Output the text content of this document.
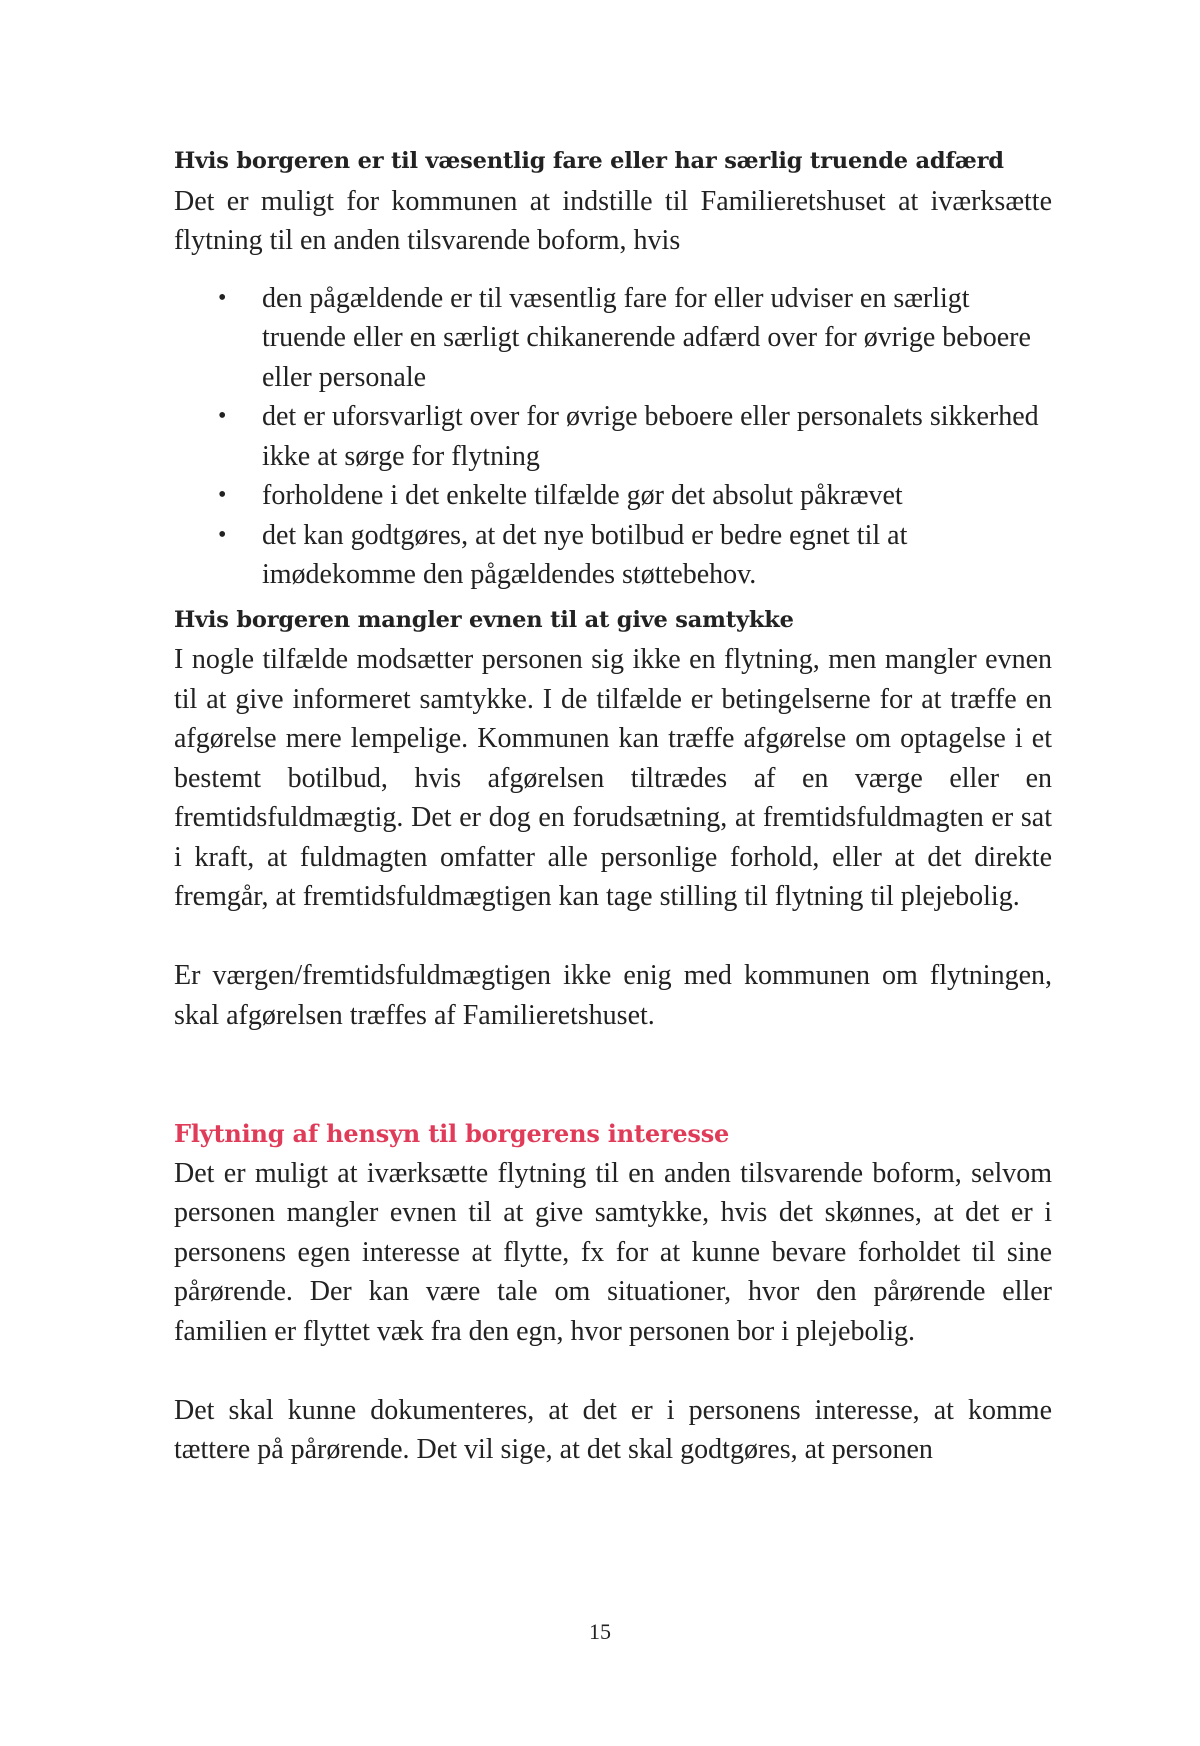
Hvis borgeren er til væsentlig fare eller har særlig truende adfærd

Det er muligt for kommunen at indstille til Familieretshuset at iværksætte flytning til en anden tilsvarende boform, hvis

• den pågældende er til væsentlig fare for eller udviser en særligt truende eller en særligt chikanerende adfærd over for øvrige beboere eller personale
• det er uforsvarligt over for øvrige beboere eller personalets sikkerhed ikke at sørge for flytning
• forholdene i det enkelte tilfælde gør det absolut påkrævet
• det kan godtgøres, at det nye botilbud er bedre egnet til at imødekomme den pågældendes støttebehov.
Hvis borgeren mangler evnen til at give samtykke

I nogle tilfælde modsætter personen sig ikke en flytning, men mangler evnen til at give informeret samtykke. I de tilfælde er betingelserne for at træffe en afgørelse mere lempelige. Kommunen kan træffe afgørelse om optagelse i et bestemt botilbud, hvis afgørelsen tiltrædes af en værge eller en fremtidsfuldmægtig. Det er dog en forudsætning, at fremtidsfuldmagten er sat i kraft, at fuldmagten omfatter alle personlige forhold, eller at det direkte fremgår, at fremtidsfuldmægtigen kan tage stilling til flytning til plejebolig.

Er værgen/fremtidsfuldmægtigen ikke enig med kommunen om flytningen, skal afgørelsen træffes af Familieretshuset.

Flytning af hensyn til borgerens interesse

Det er muligt at iværksætte flytning til en anden tilsvarende boform, selvom personen mangler evnen til at give samtykke, hvis det skønnes, at det er i personens egen interesse at flytte, fx for at kunne bevare forholdet til sine pårørende. Der kan være tale om situationer, hvor den pårørende eller familien er flyttet væk fra den egn, hvor personen bor i plejebolig.

Det skal kunne dokumenteres, at det er i personens interesse, at komme tættere på pårørende. Det vil sige, at det skal godtgøres, at personen

15
